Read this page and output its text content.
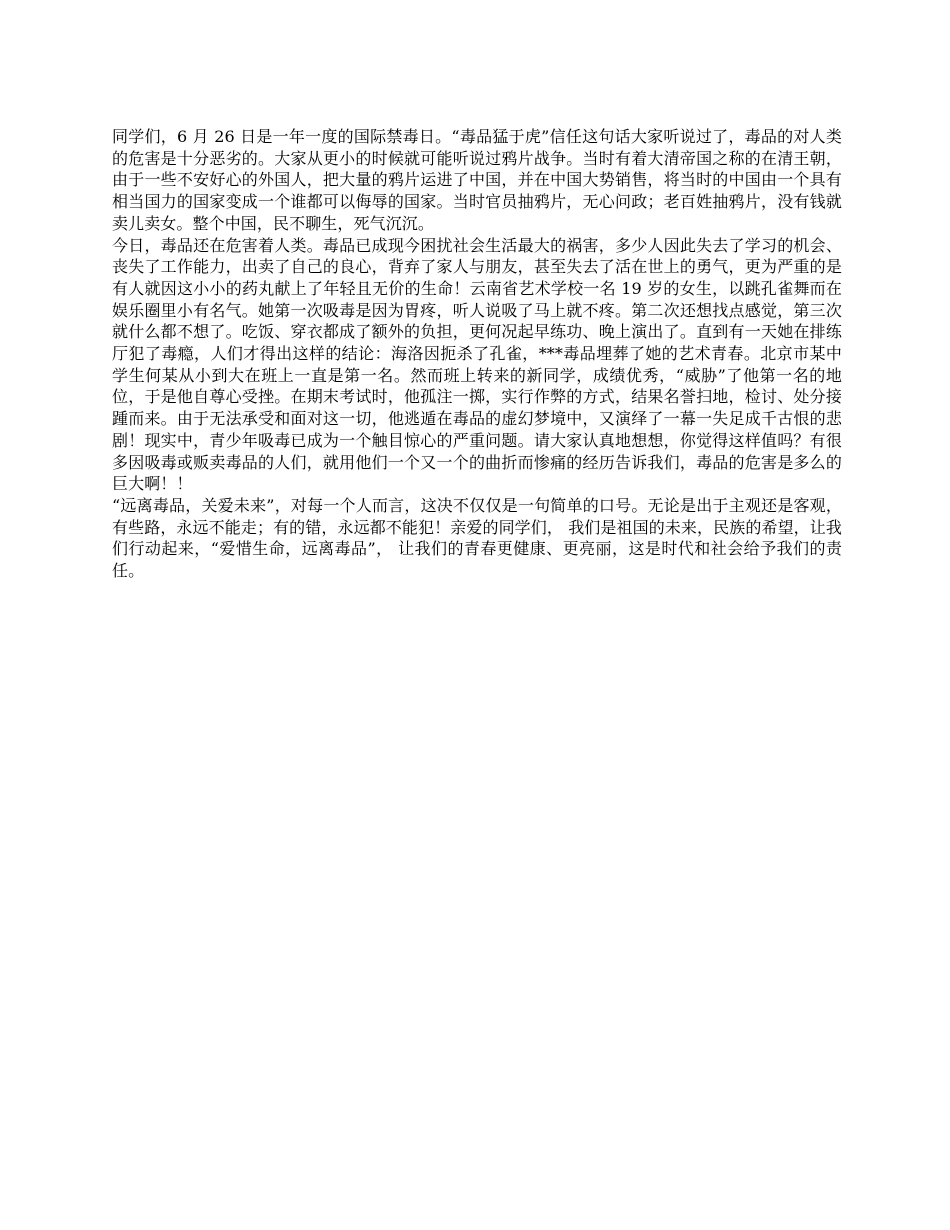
同学们，6 月 26 日是一年一度的国际禁毒日。“毒品猛于虎”信任这句话大家听说过了，毒品的对人类的危害是十分恶劣的。大家从更小的时候就可能听说过鸦片战争。当时有着大清帝国之称的在清王朝，由于一些不安好心的外国人，把大量的鸦片运进了中国，并在中国大势销售，将当时的中国由一个具有相当国力的国家变成一个谁都可以侮辱的国家。当时官员抽鸦片，无心问政；老百姓抽鸦片，没有钱就卖儿卖女。整个中国，民不聊生，死气沉沉。

今日，毒品还在危害着人类。毒品已成现今困扰社会生活最大的祸害，多少人因此失去了学习的机会、丧失了工作能力，出卖了自己的良心，背弃了家人与朋友，甚至失去了活在世上的勇气，更为严重的是有人就因这小小的药丸献上了年轻且无价的生命！云南省艺术学校一名 19 岁的女生，以跳孔雀舞而在娱乐圈里小有名气。她第一次吸毒是因为胃疼，听人说吸了马上就不疼。第二次还想找点感觉，第三次就什么都不想了。吃饭、穿衣都成了额外的负担，更何况起早练功、晚上演出了。直到有一天她在排练厅犯了毒瘾，人们才得出这样的结论：海洛因扼杀了孔雀，***毒品埋葬了她的艺术青春。北京市某中学生何某从小到大在班上一直是第一名。然而班上转来的新同学，成绩优秀，“威胁”了他第一名的地位，于是他自尊心受挫。在期末考试时，他孤注一掷，实行作弊的方式，结果名誉扫地，检讨、处分接踵而来。由于无法承受和面对这一切，他逃遁在毒品的虚幻梦境中，又演绎了一幕一失足成千古恨的悲剧！现实中，青少年吸毒已成为一个触目惊心的严重问题。请大家认真地想想，你觉得这样值吗？有很多因吸毒或贩卖毒品的人们，就用他们一个又一个的曲折而惨痛的经历告诉我们，毒品的危害是多么的巨大啊！！

“远离毒品，关爱未来”，对每一个人而言，这决不仅仅是一句简单的口号。无论是出于主观还是客观，有些路，永远不能走；有的错，永远都不能犯！亲爱的同学们， 我们是祖国的未来，民族的希望，让我们行动起来，“爱惜生命，远离毒品”， 让我们的青春更健康、更亮丽，这是时代和社会给予我们的责任。
